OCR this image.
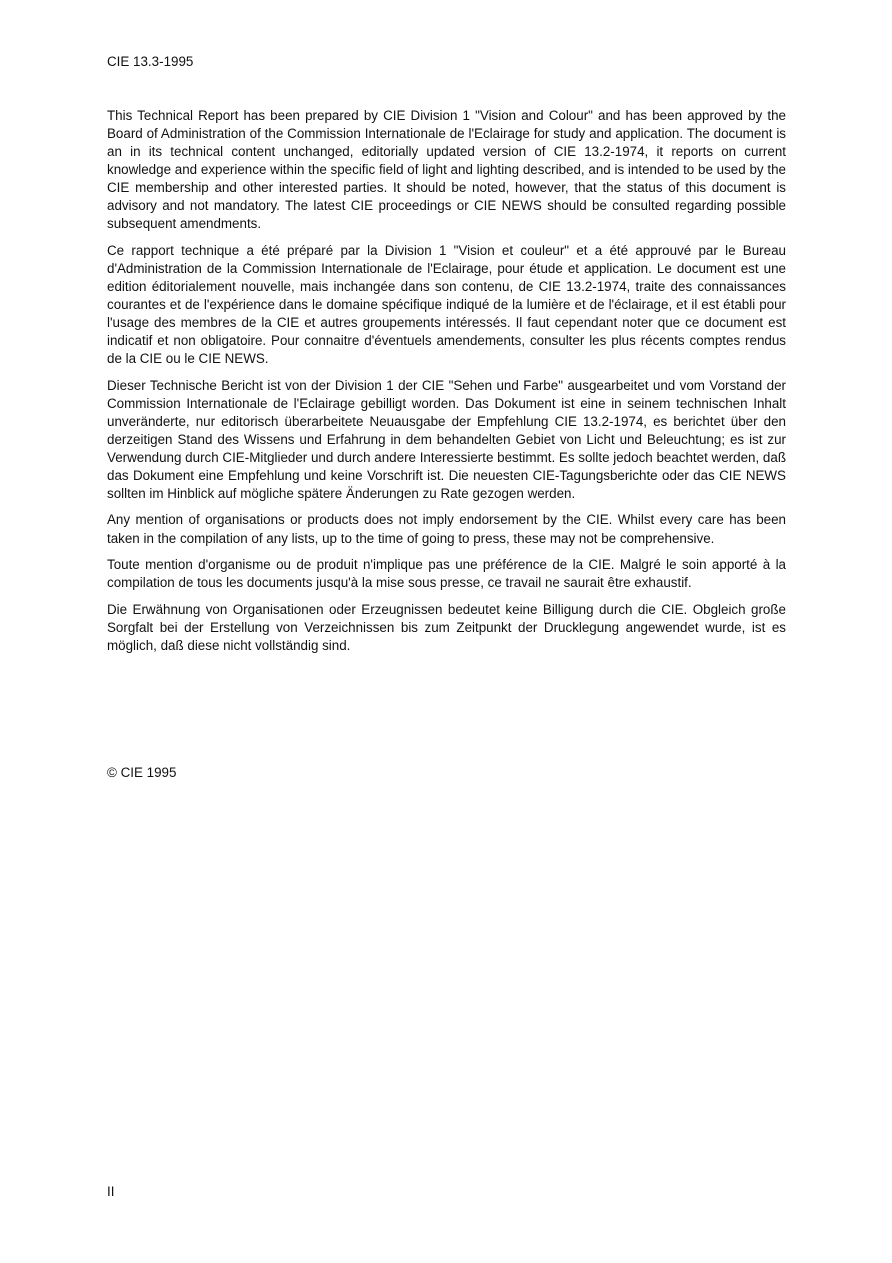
CIE 13.3-1995

This Technical Report has been prepared by CIE Division 1 "Vision and Colour" and has been approved by the Board of Administration of the Commission Internationale de l'Eclairage for study and application. The document is an in its technical content unchanged, editorially updated version of CIE 13.2-1974, it reports on current knowledge and experience within the specific field of light and lighting described, and is intended to be used by the CIE membership and other interested parties. It should be noted, however, that the status of this document is advisory and not mandatory. The latest CIE proceedings or CIE NEWS should be consulted regarding possible subsequent amendments.

Ce rapport technique a été préparé par la Division 1 "Vision et couleur" et a été approuvé par le Bureau d'Administration de la Commission Internationale de l'Eclairage, pour étude et application. Le document est une edition éditorialement nouvelle, mais inchangée dans son contenu, de CIE 13.2-1974, traite des connaissances courantes et de l'expérience dans le domaine spécifique indiqué de la lumière et de l'éclairage, et il est établi pour l'usage des membres de la CIE et autres groupements intéressés. Il faut cependant noter que ce document est indicatif et non obligatoire. Pour connaitre d'éventuels amendements, consulter les plus récents comptes rendus de la CIE ou le CIE NEWS.

Dieser Technische Bericht ist von der Division 1 der CIE "Sehen und Farbe" ausgearbeitet und vom Vorstand der Commission Internationale de l'Eclairage gebilligt worden. Das Dokument ist eine in seinem technischen Inhalt unveränderte, nur editorisch überarbeitete Neuausgabe der Empfehlung CIE 13.2-1974, es berichtet über den derzeitigen Stand des Wissens und Erfahrung in dem behandelten Gebiet von Licht und Beleuchtung; es ist zur Verwendung durch CIE-Mitglieder und durch andere Interessierte bestimmt. Es sollte jedoch beachtet werden, daß das Dokument eine Empfehlung und keine Vorschrift ist. Die neuesten CIE-Tagungsberichte oder das CIE NEWS sollten im Hinblick auf mögliche spätere Änderungen zu Rate gezogen werden.

Any mention of organisations or products does not imply endorsement by the CIE. Whilst every care has been taken in the compilation of any lists, up to the time of going to press, these may not be comprehensive.

Toute mention d'organisme ou de produit n'implique pas une préférence de la CIE. Malgré le soin apporté à la compilation de tous les documents jusqu'à la mise sous presse, ce travail ne saurait être exhaustif.

Die Erwähnung von Organisationen oder Erzeugnissen bedeutet keine Billigung durch die CIE. Obgleich große Sorgfalt bei der Erstellung von Verzeichnissen bis zum Zeitpunkt der Drucklegung angewendet wurde, ist es möglich, daß diese nicht vollständig sind.

© CIE 1995
II
